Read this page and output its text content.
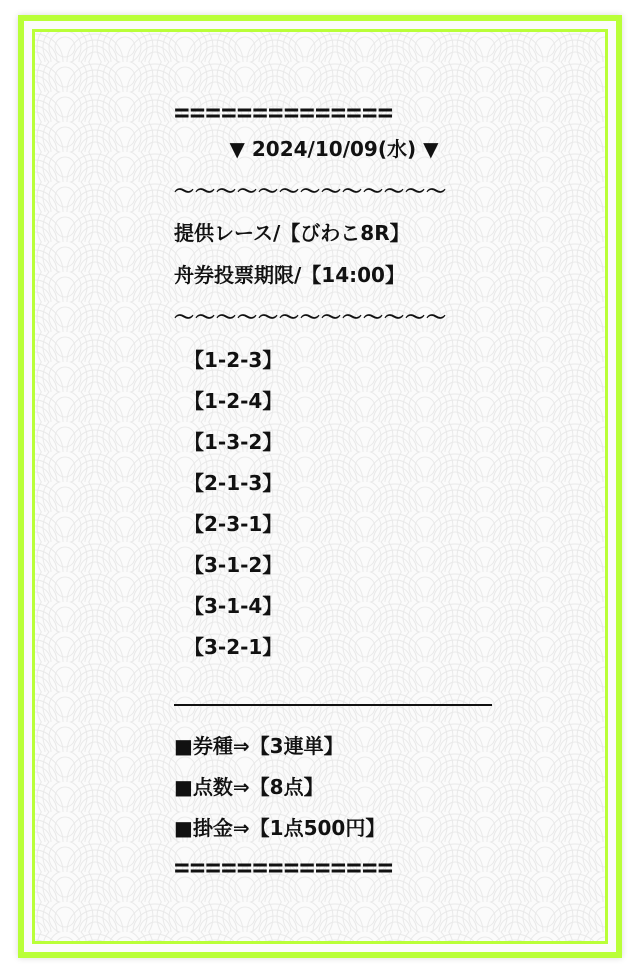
==============
▼ 2024/10/09(水) ▼
〜〜〜〜〜〜〜〜〜〜〜〜〜
提供レース/【びわこ8R】
舟券投票期限/【14:00】
〜〜〜〜〜〜〜〜〜〜〜〜〜
【1-2-3】
【1-2-4】
【1-3-2】
【2-1-3】
【2-3-1】
【3-1-2】
【3-1-4】
【3-2-1】
■券種⇒【3連単】
■点数⇒【8点】
■掛金⇒【1点500円】
==============
